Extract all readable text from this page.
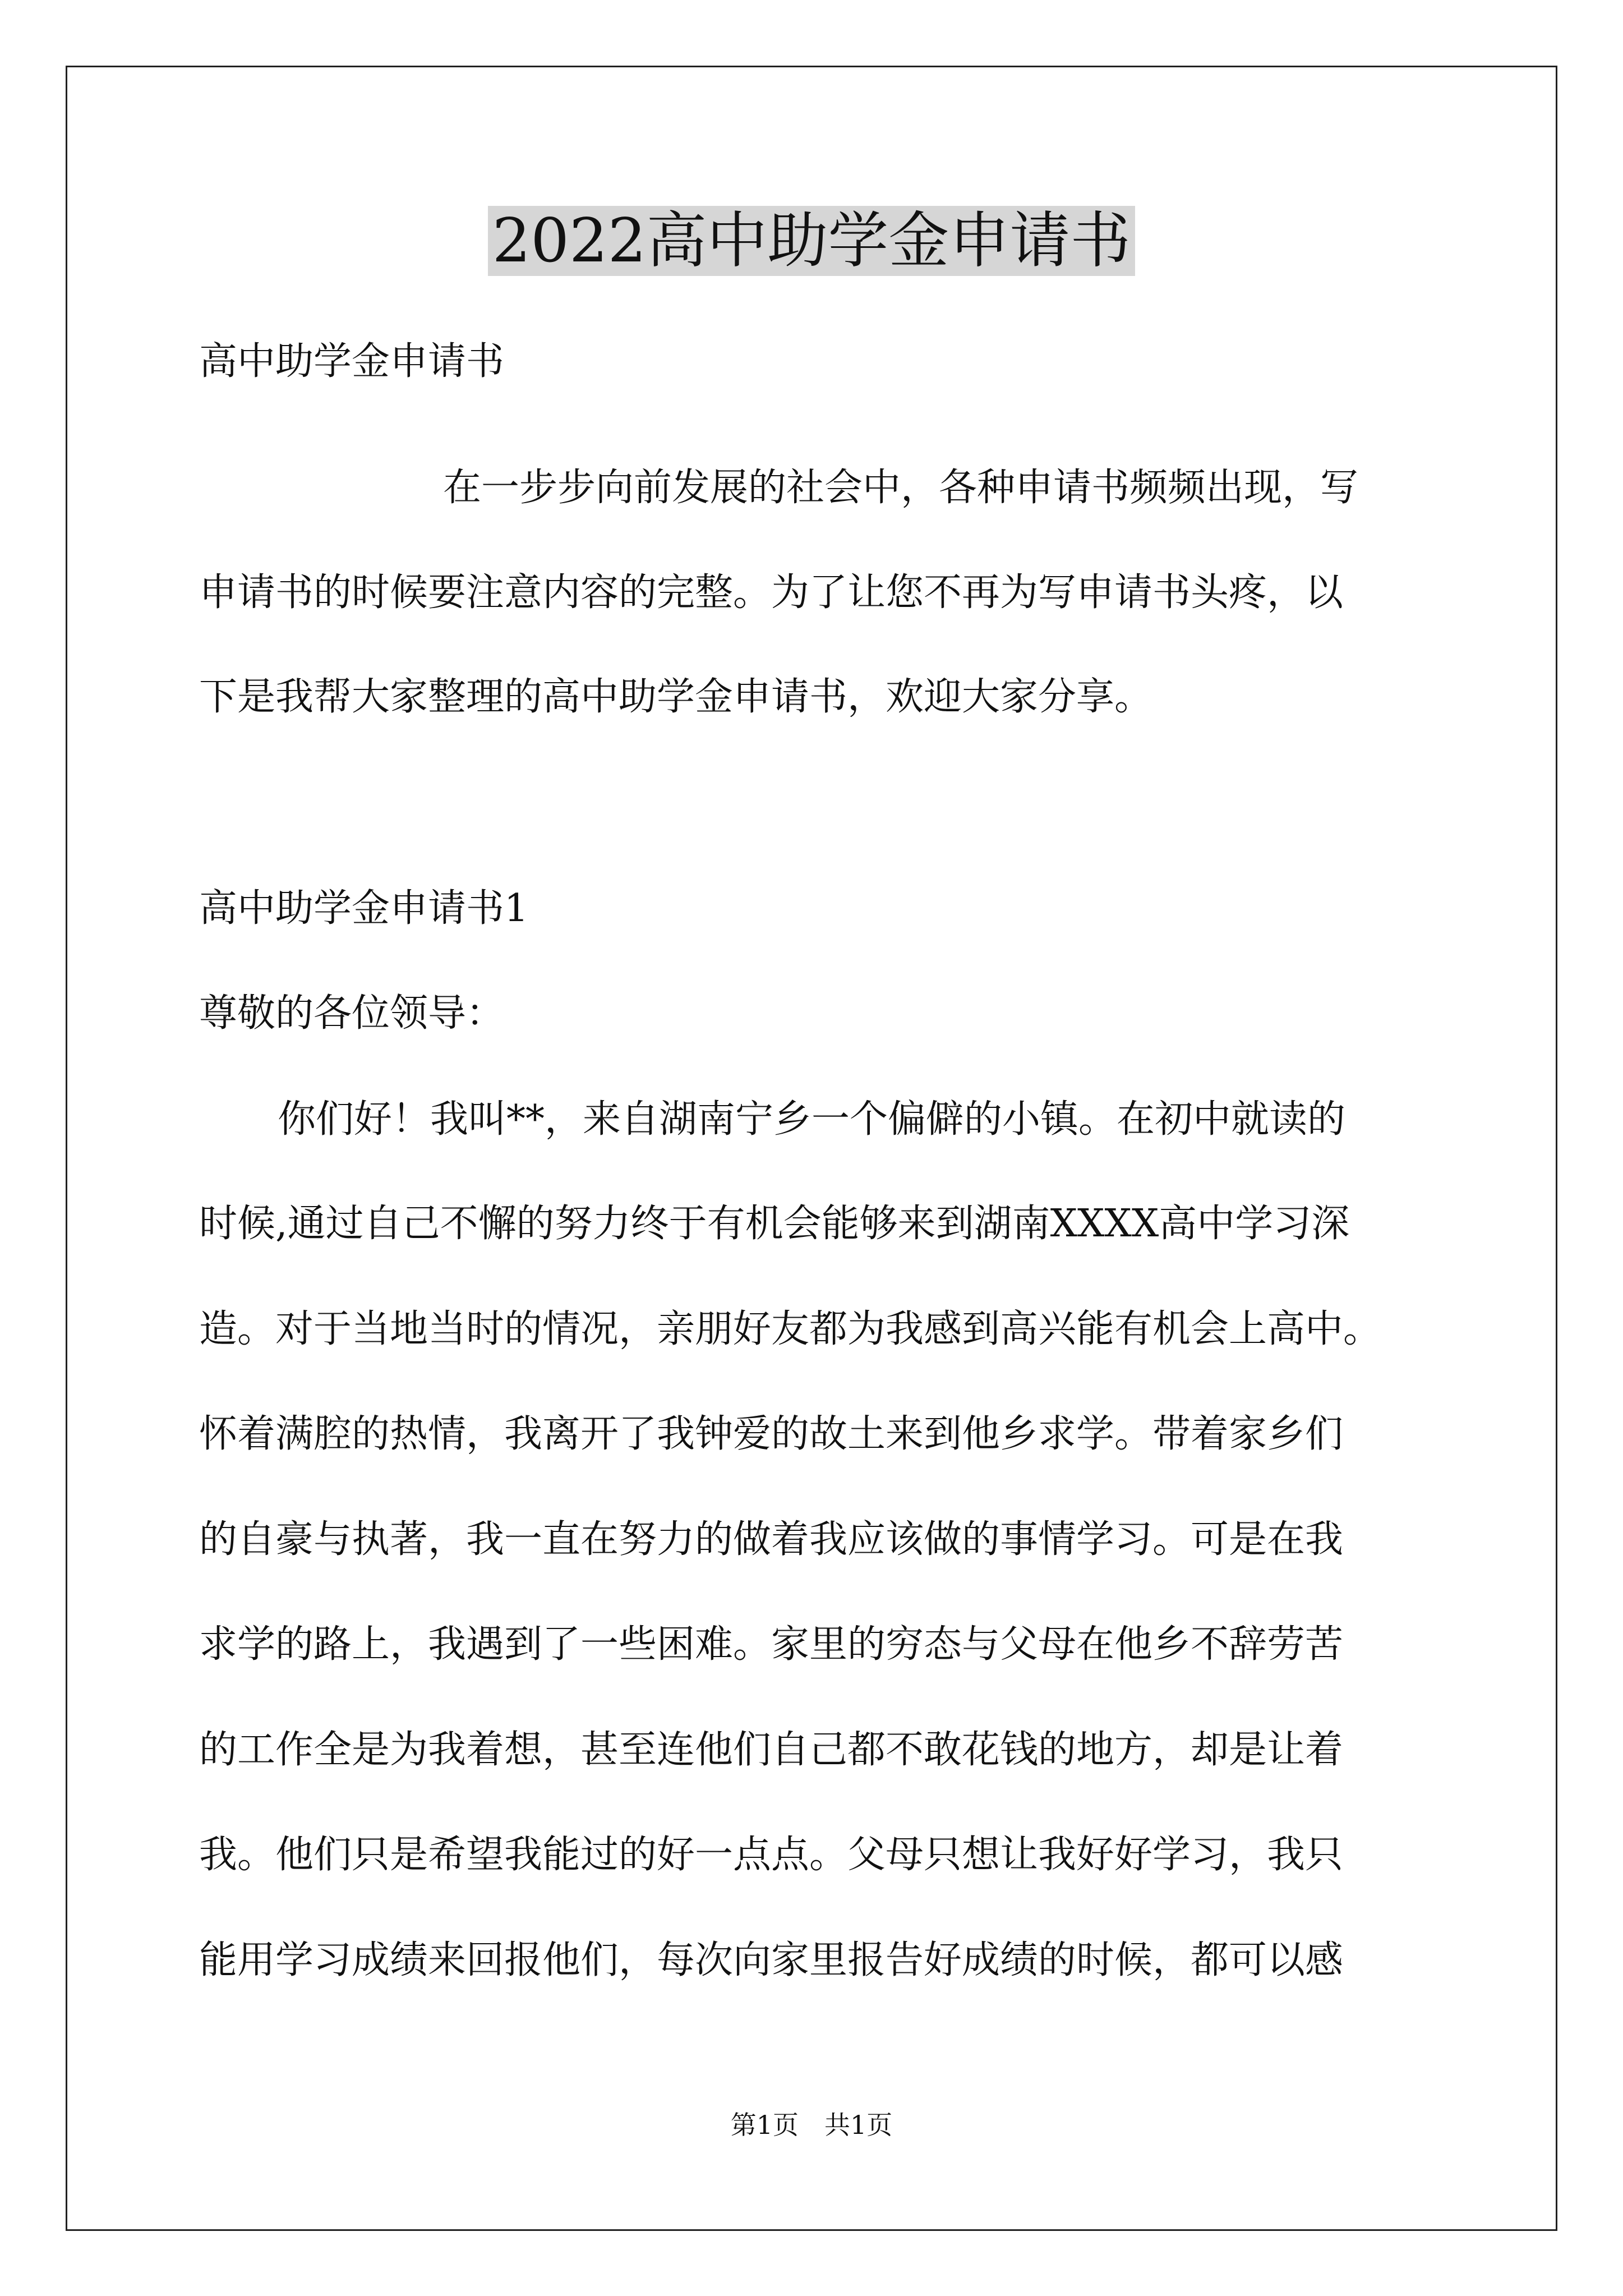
2022高中助学金申请书
高中助学金申请书
在一步步向前发展的社会中，各种申请书频频出现，写
申请书的时候要注意内容的完整。为了让您不再为写申请书头疼，以
下是我帮大家整理的高中助学金申请书，欢迎大家分享。
高中助学金申请书1
尊敬的各位领导：
你们好！我叫**，来自湖南宁乡一个偏僻的小镇。在初中就读的
时候,通过自己不懈的努力终于有机会能够来到湖南XXXX高中学习深
造。对于当地当时的情况，亲朋好友都为我感到高兴能有机会上高中。
怀着满腔的热情，我离开了我钟爱的故土来到他乡求学。带着家乡们
的自豪与执著，我一直在努力的做着我应该做的事情学习。可是在我
求学的路上，我遇到了一些困难。家里的穷态与父母在他乡不辞劳苦
的工作全是为我着想，甚至连他们自己都不敢花钱的地方，却是让着
我。他们只是希望我能过的好一点点。父母只想让我好好学习，我只
能用学习成绩来回报他们，每次向家里报告好成绩的时候，都可以感
第1页　共1页
